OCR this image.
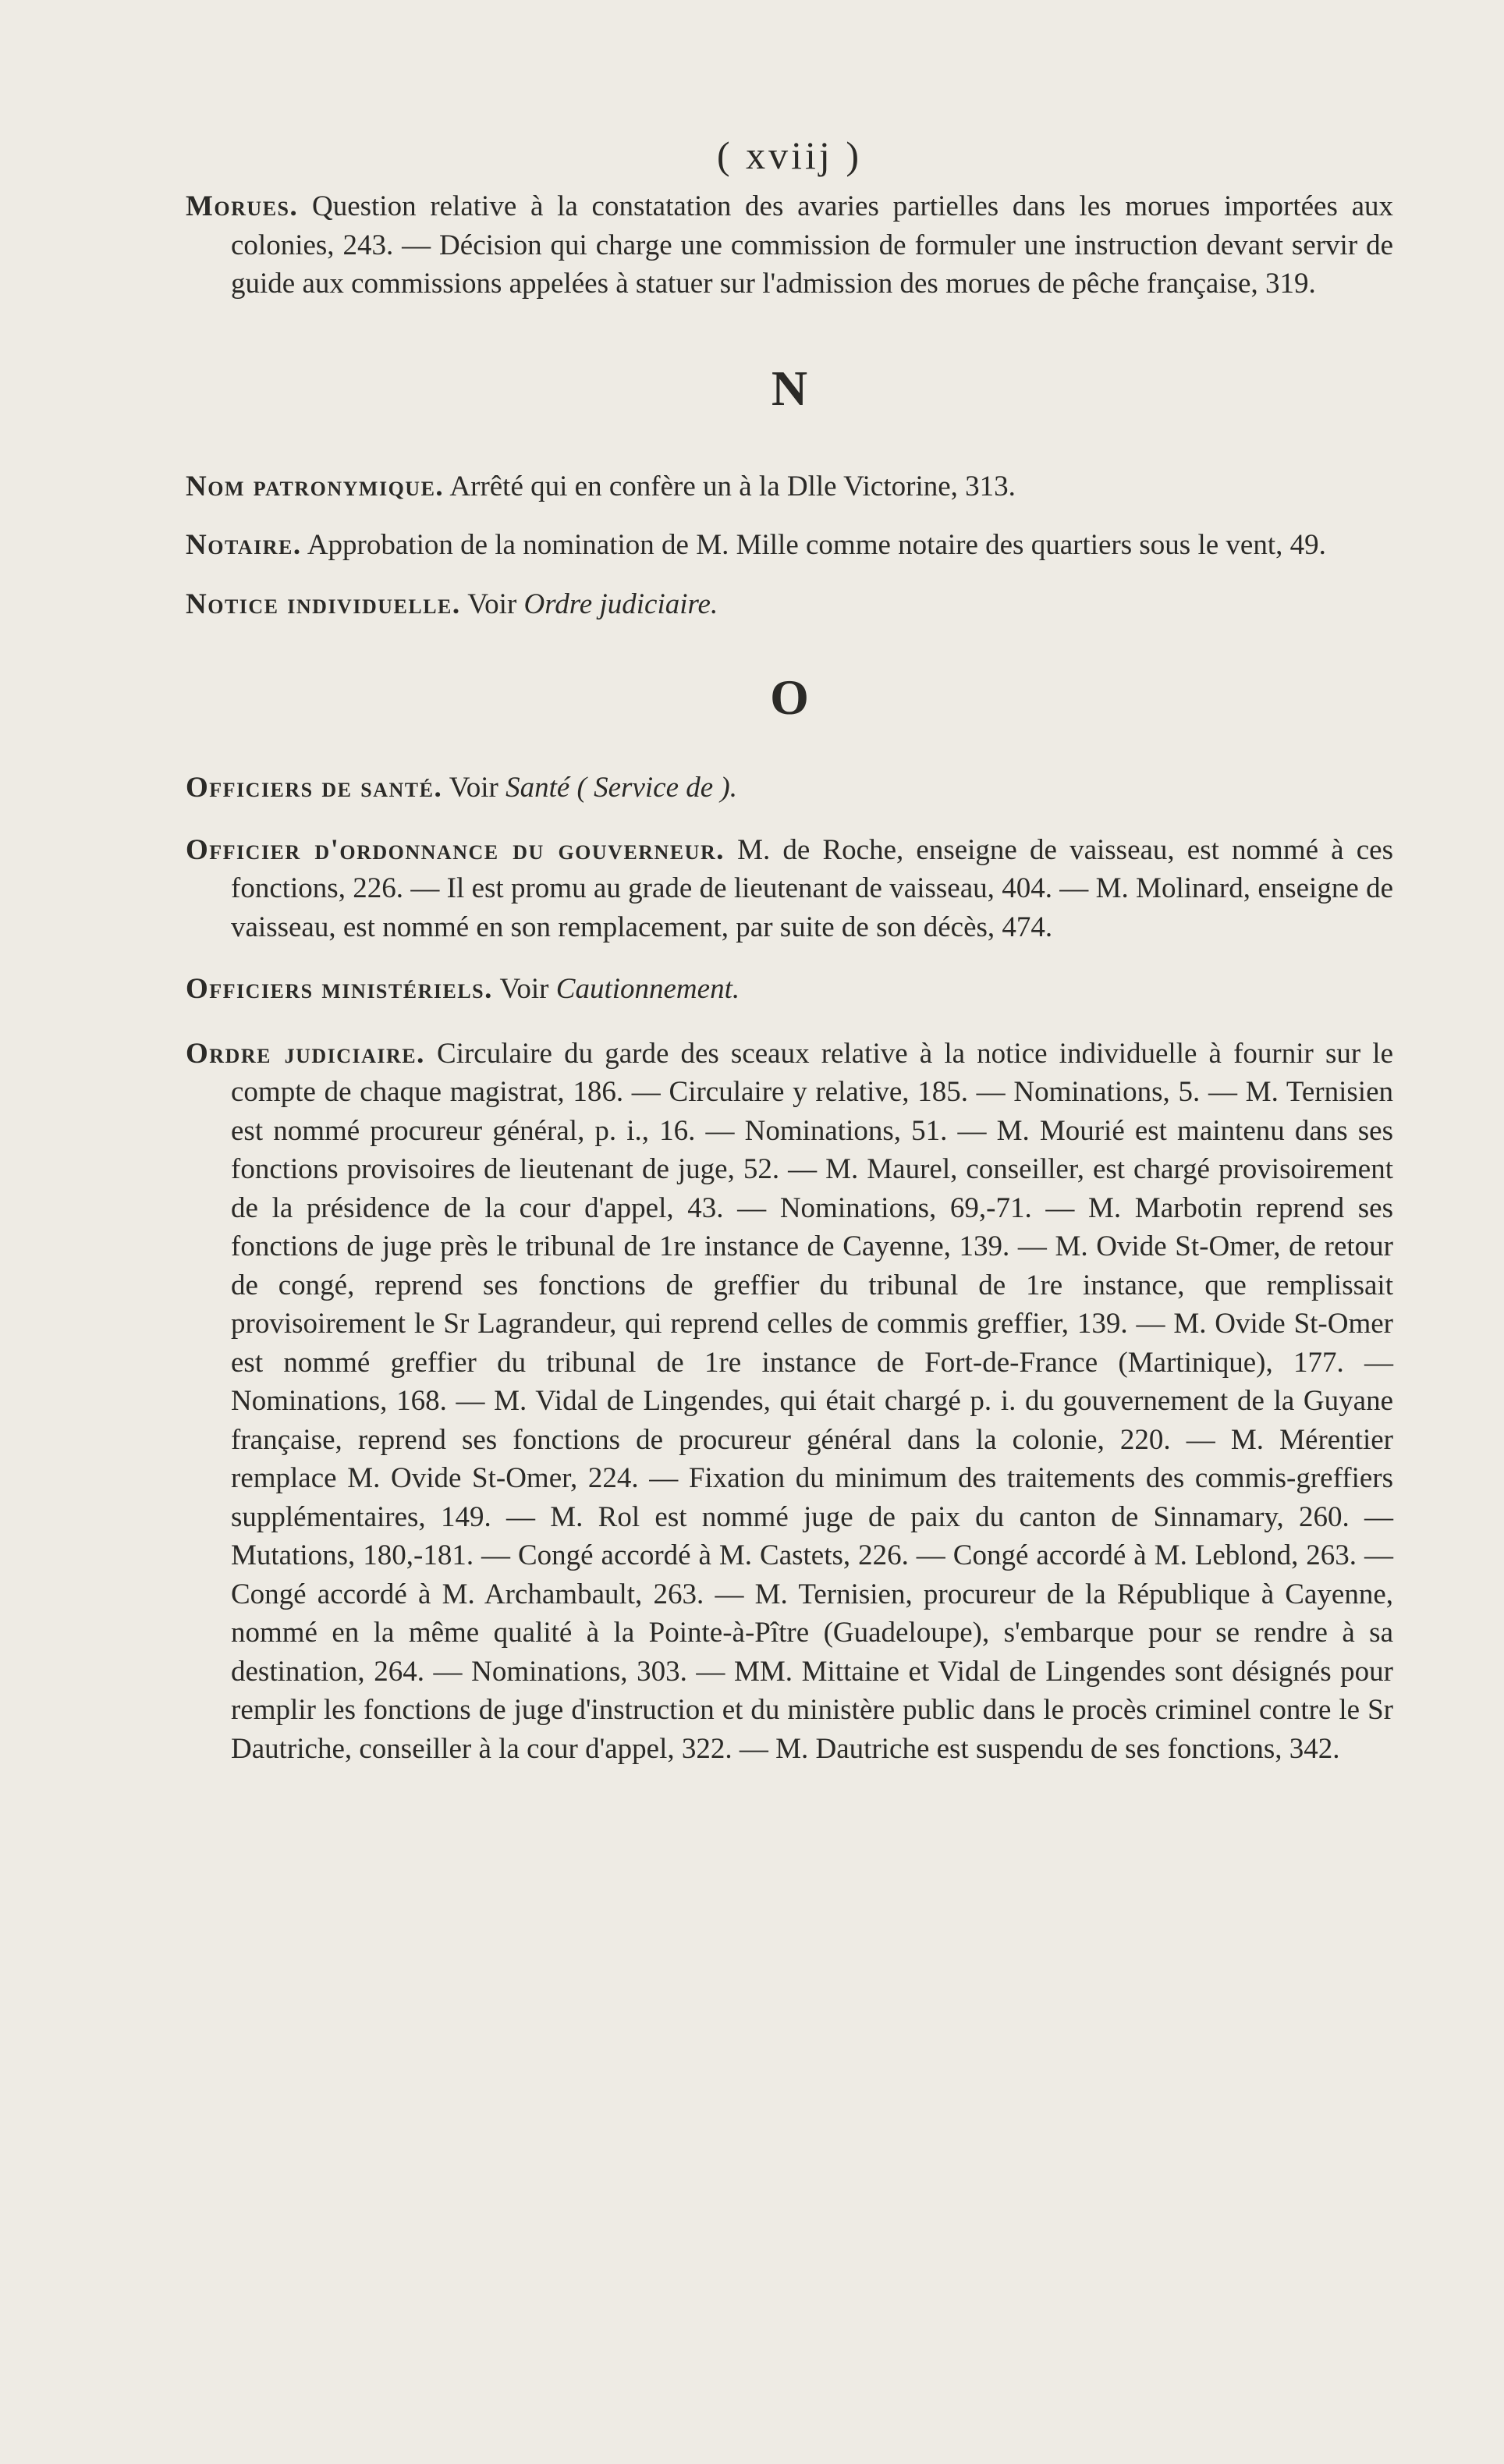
( xviij )

Morues. Question relative à la constatation des avaries partielles dans les morues importées aux colonies, 243. — Décision qui charge une commission de formuler une instruction devant servir de guide aux commissions appelées à statuer sur l'admission des morues de pêche française, 319.

N

Nom patronymique. Arrêté qui en confère un à la Dlle Victorine, 313.

Notaire. Approbation de la nomination de M. Mille comme notaire des quartiers sous le vent, 49.

Notice individuelle. Voir Ordre judiciaire.

O

Officiers de santé. Voir Santé ( Service de ).

Officier d'ordonnance du gouverneur. M. de Roche, enseigne de vaisseau, est nommé à ces fonctions, 226. — Il est promu au grade de lieutenant de vaisseau, 404. — M. Molinard, enseigne de vaisseau, est nommé en son remplacement, par suite de son décès, 474.

Officiers ministériels. Voir Cautionnement.

Ordre judiciaire. Circulaire du garde des sceaux relative à la notice individuelle à fournir sur le compte de chaque magistrat, 186. — Circulaire y relative, 185. — Nominations, 5. — M. Ternisien est nommé procureur général, p. i., 16. — Nominations, 51. — M. Mourié est maintenu dans ses fonctions provisoires de lieutenant de juge, 52. — M. Maurel, conseiller, est chargé provisoirement de la présidence de la cour d'appel, 43. — Nominations, 69,-71. — M. Marbotin reprend ses fonctions de juge près le tribunal de 1re instance de Cayenne, 139. — M. Ovide St-Omer, de retour de congé, reprend ses fonctions de greffier du tribunal de 1re instance, que remplissait provisoirement le Sr Lagrandeur, qui reprend celles de commis greffier, 139. — M. Ovide St-Omer est nommé greffier du tribunal de 1re instance de Fort-de-France (Martinique), 177. — Nominations, 168. — M. Vidal de Lingendes, qui était chargé p. i. du gouvernement de la Guyane française, reprend ses fonctions de procureur général dans la colonie, 220. — M. Mérentier remplace M. Ovide St-Omer, 224. — Fixation du minimum des traitements des commis-greffiers supplémentaires, 149. — M. Rol est nommé juge de paix du canton de Sinnamary, 260. — Mutations, 180,-181. — Congé accordé à M. Castets, 226. — Congé accordé à M. Leblond, 263. — Congé accordé à M. Archambault, 263. — M. Ternisien, procureur de la République à Cayenne, nommé en la même qualité à la Pointe-à-Pître (Guadeloupe), s'embarque pour se rendre à sa destination, 264. — Nominations, 303. — MM. Mittaine et Vidal de Lingendes sont désignés pour remplir les fonctions de juge d'instruction et du ministère public dans le procès criminel contre le Sr Dautriche, conseiller à la cour d'appel, 322. — M. Dautriche est suspendu de ses fonctions, 342.
